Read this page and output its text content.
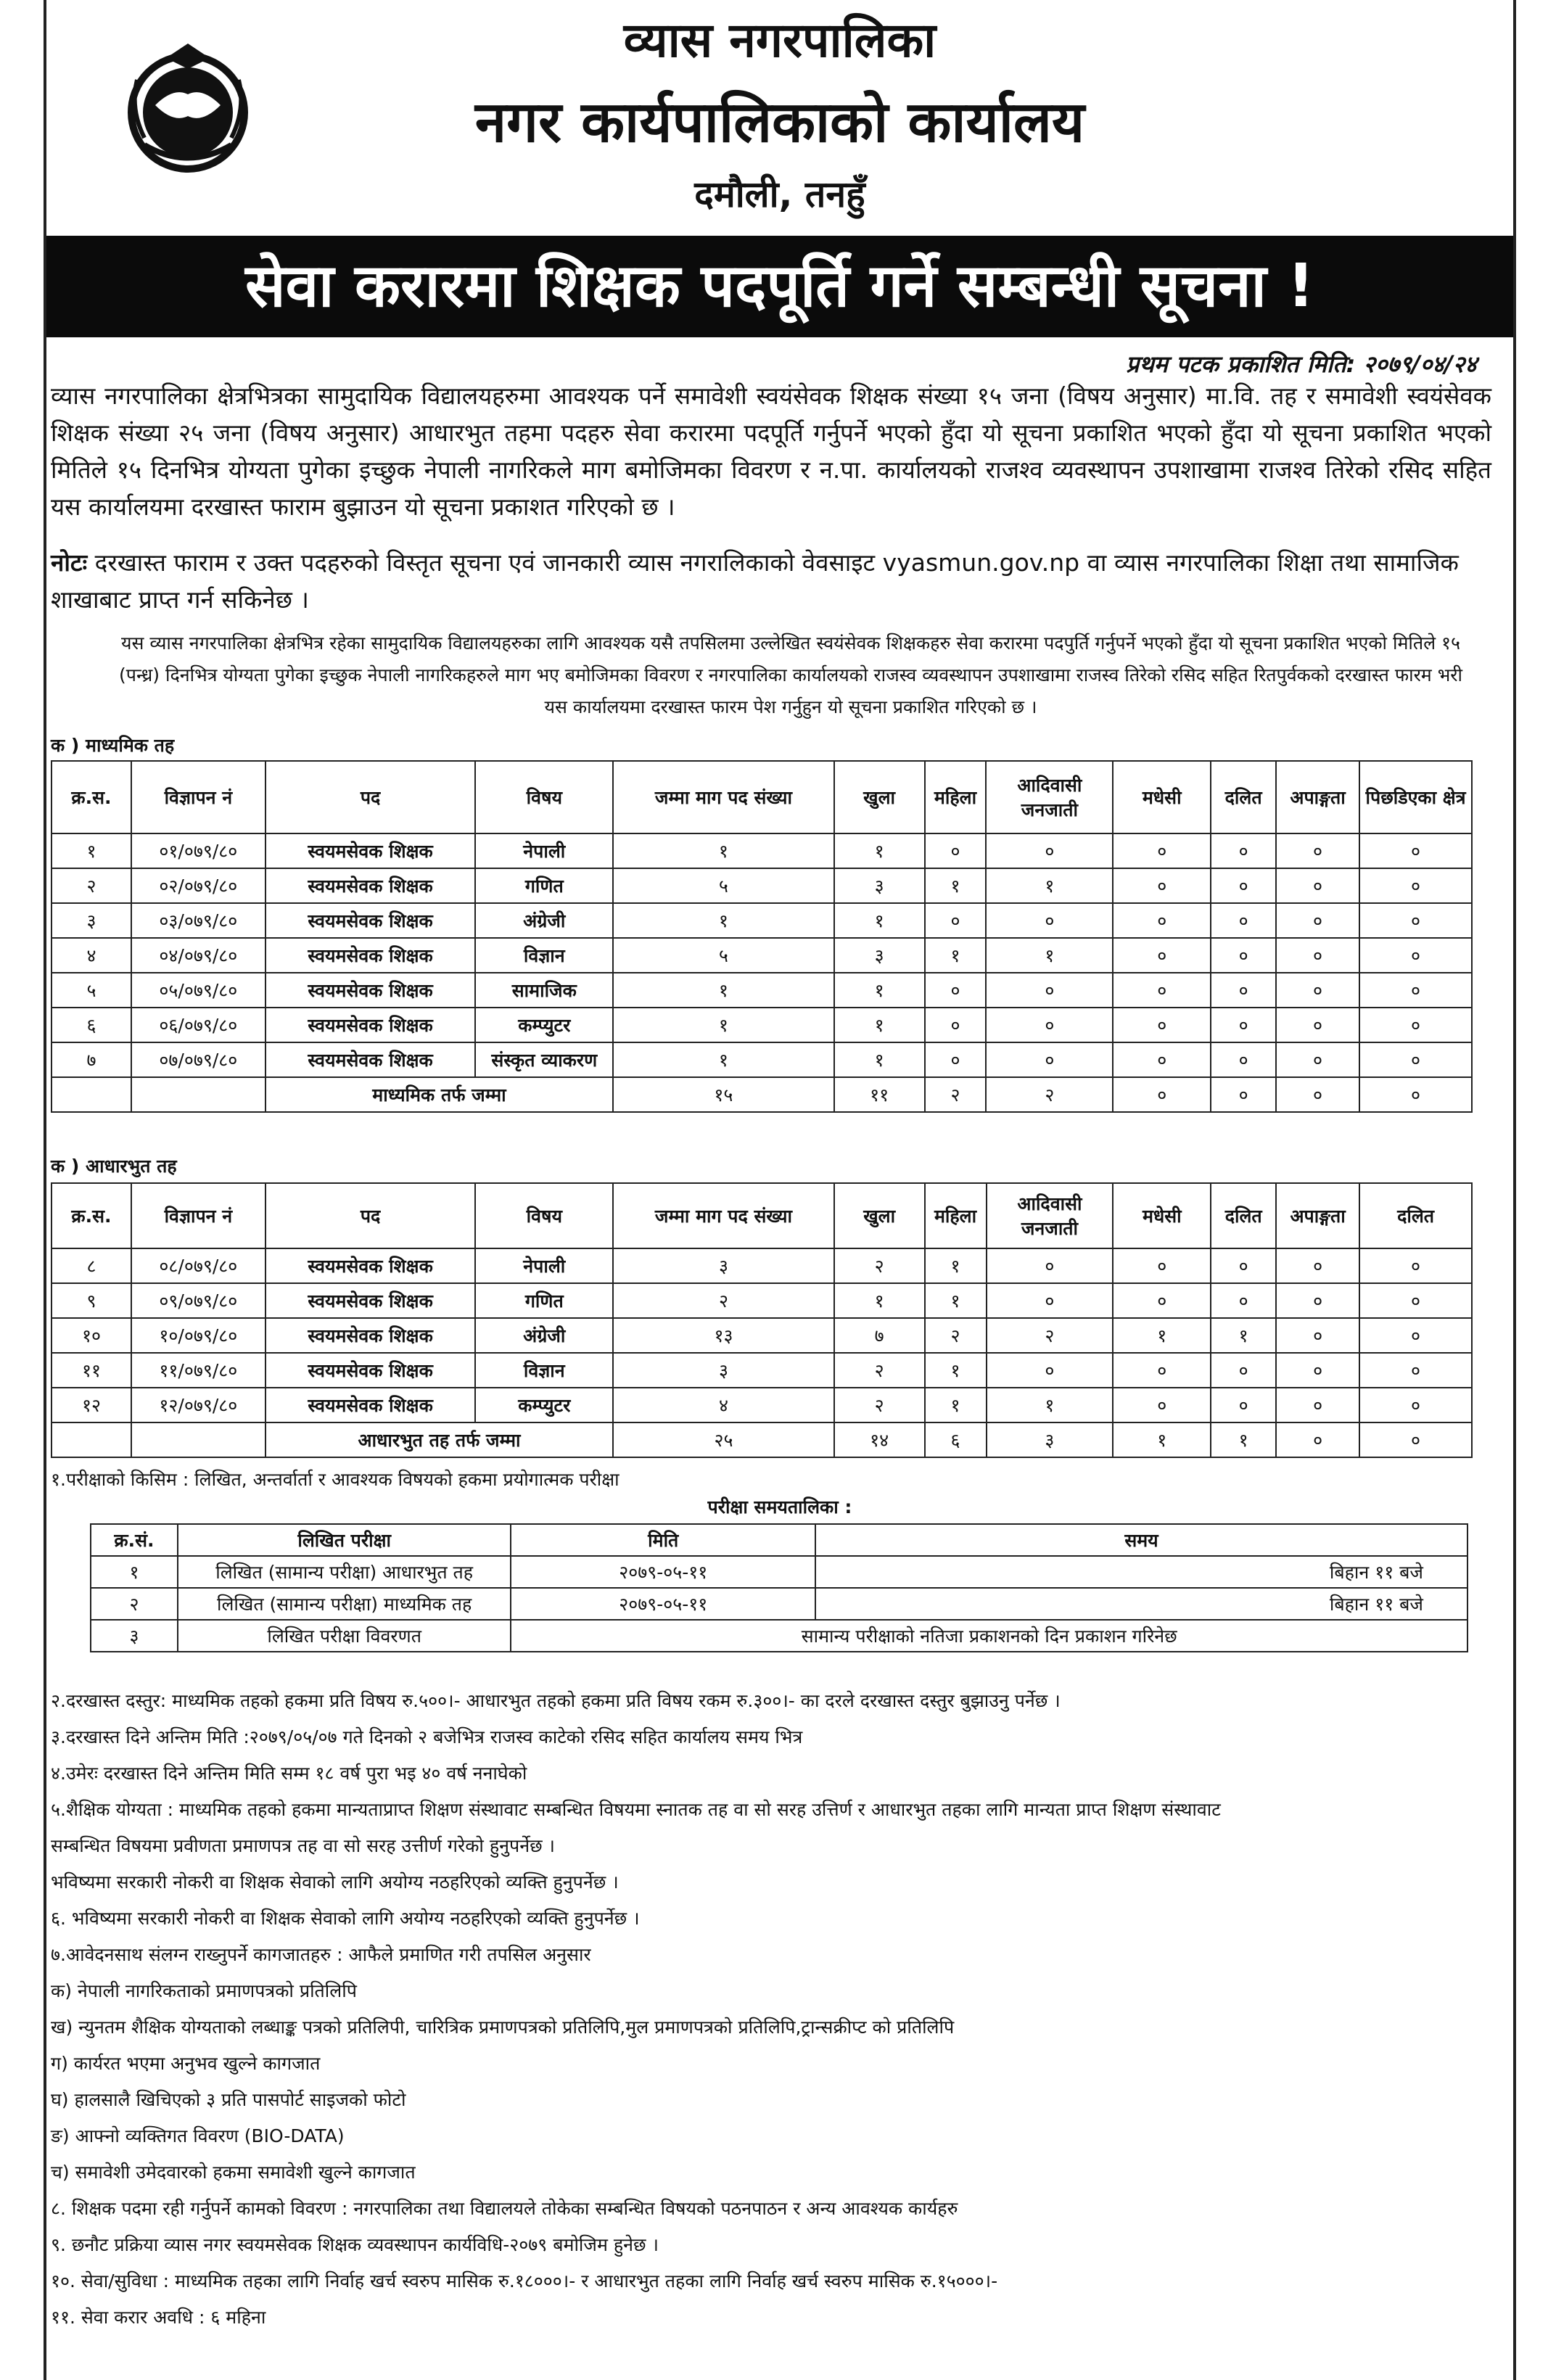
व्यास नगरपालिका
नगर कार्यपालिकाको कार्यालय
दमौली, तनहुँ
सेवा करारमा शिक्षक पदपूर्ति गर्ने सम्बन्धी सूचना !
प्रथम पटक प्रकाशित मिति: २०७९/०४/२४
व्यास नगरपालिका क्षेत्रभित्रका सामुदायिक विद्यालयहरुमा आवश्यक पर्ने समावेशी स्वयंसेवक शिक्षक संख्या १५ जना (विषय अनुसार) मा.वि. तह र समावेशी स्वयंसेवक शिक्षक संख्या २५ जना (विषय अनुसार) आधारभुत तहमा पदहरु सेवा करारमा पदपूर्ति गर्नुपर्ने भएको हुँदा यो सूचना प्रकाशित भएको हुँदा यो सूचना प्रकाशित भएको मितिले १५ दिनभित्र योग्यता पुगेका इच्छुक नेपाली नागरिकले माग बमोजिमका विवरण र न.पा. कार्यालयको राजश्व व्यवस्थापन उपशाखामा राजश्व तिरेको रसिद सहित यस कार्यालयमा दरखास्त फाराम बुझाउन यो सूचना प्रकाशत गरिएको छ ।
नोटः दरखास्त फाराम र उक्त पदहरुको विस्तृत सूचना एवं जानकारी व्यास नगरालिकाको वेवसाइट vyasmun.gov.np वा व्यास नगरपालिका शिक्षा तथा सामाजिक शाखाबाट प्राप्त गर्न सकिनेछ ।
यस व्यास नगरपालिका क्षेत्रभित्र रहेका सामुदायिक विद्यालयहरुका लागि आवश्यक यसै तपसिलमा उल्लेखित स्वयंसेवक शिक्षकहरु सेवा करारमा पदपुर्ति गर्नुपर्ने भएको हुँदा यो सूचना प्रकाशित भएको मितिले १५ (पन्ध्र) दिनभित्र योग्यता पुगेका इच्छुक नेपाली नागरिकहरुले माग भए बमोजिमका विवरण र नगरपालिका कार्यालयको राजस्व व्यवस्थापन उपशाखामा राजस्व तिरेको रसिद सहित रितपुर्वकको दरखास्त फारम भरी यस कार्यालयमा दरखास्त फारम पेश गर्नुहुन यो सूचना प्रकाशित गरिएको छ ।
क ) माध्यमिक तह
क्र.स.	विज्ञापन नं	पद	विषय	जम्मा माग पद संख्या	खुला	महिला	आदिवासी जनजाती	मधेसी	दलित	अपाङ्गता	पिछडिएका क्षेत्र
१	०१/०७९/८०	स्वयमसेवक शिक्षक	नेपाली	१	१	०	०	०	०	०	०
२	०२/०७९/८०	स्वयमसेवक शिक्षक	गणित	५	३	१	१	०	०	०	०
३	०३/०७९/८०	स्वयमसेवक शिक्षक	अंग्रेजी	१	१	०	०	०	०	०	०
४	०४/०७९/८०	स्वयमसेवक शिक्षक	विज्ञान	५	३	१	१	०	०	०	०
५	०५/०७९/८०	स्वयमसेवक शिक्षक	सामाजिक	१	१	०	०	०	०	०	०
६	०६/०७९/८०	स्वयमसेवक शिक्षक	कम्प्युटर	१	१	०	०	०	०	०	०
७	०७/०७९/८०	स्वयमसेवक शिक्षक	संस्कृत व्याकरण	१	१	०	०	०	०	०	०
		माध्यमिक तर्फ जम्मा		१५	११	२	२	०	०	०	०
क ) आधारभुत तह
क्र.स.	विज्ञापन नं	पद	विषय	जम्मा माग पद संख्या	खुला	महिला	आदिवासी जनजाती	मधेसी	दलित	अपाङ्गता	दलित
८	०८/०७९/८०	स्वयमसेवक शिक्षक	नेपाली	३	२	१	०	०	०	०	०
९	०९/०७९/८०	स्वयमसेवक शिक्षक	गणित	२	१	१	०	०	०	०	०
१०	१०/०७९/८०	स्वयमसेवक शिक्षक	अंग्रेजी	१३	७	२	२	१	१	०	०
११	११/०७९/८०	स्वयमसेवक शिक्षक	विज्ञान	३	२	१	०	०	०	०	०
१२	१२/०७९/८०	स्वयमसेवक शिक्षक	कम्प्युटर	४	२	१	१	०	०	०	०
		आधारभुत तह तर्फ जम्मा		२५	१४	६	३	१	१	०	०
१.परीक्षाको किसिम : लिखित, अन्तर्वार्ता र आवश्यक विषयको हकमा प्रयोगात्मक परीक्षा
परीक्षा समयतालिका :
क्र.सं.	लिखित परीक्षा	मिति	समय
१	लिखित (सामान्य परीक्षा) आधारभुत तह	२०७९-०५-११	बिहान ११ बजे
२	लिखित (सामान्य परीक्षा) माध्यमिक तह	२०७९-०५-११	बिहान ११ बजे
३	लिखित परीक्षा विवरणत	सामान्य परीक्षाको नतिजा प्रकाशनको दिन प्रकाशन गरिनेछ	
२.दरखास्त दस्तुर: माध्यमिक तहको हकमा प्रति विषय रु.५००।- आधारभुत तहको हकमा प्रति विषय रकम रु.३००।- का दरले दरखास्त दस्तुर बुझाउनु पर्नेछ ।
३.दरखास्त दिने अन्तिम मिति :२०७९/०५/०७ गते दिनको २ बजेभित्र राजस्व काटेको रसिद सहित कार्यालय समय भित्र
४.उमेरः दरखास्त दिने अन्तिम मिति सम्म १८ वर्ष पुरा भइ ४० वर्ष ननाघेको
५.शैक्षिक योग्यता : माध्यमिक तहको हकमा मान्यताप्राप्त शिक्षण संस्थावाट सम्बन्धित विषयमा स्नातक तह वा सो सरह उत्तिर्ण र आधारभुत तहका लागि मान्यता प्राप्त शिक्षण संस्थावाट
सम्बन्धित विषयमा प्रवीणता प्रमाणपत्र तह वा सो सरह उत्तीर्ण गरेको हुनुपर्नेछ ।
भविष्यमा सरकारी नोकरी वा शिक्षक सेवाको लागि अयोग्य नठहरिएको व्यक्ति हुनुपर्नेछ ।
६. भविष्यमा सरकारी नोकरी वा शिक्षक सेवाको लागि अयोग्य नठहरिएको व्यक्ति हुनुपर्नेछ ।
७.आवेदनसाथ संलग्न राख्नुपर्ने कागजातहरु : आफैले प्रमाणित गरी तपसिल अनुसार
क) नेपाली नागरिकताको प्रमाणपत्रको प्रतिलिपि
ख) न्युनतम शैक्षिक योग्यताको लब्धाङ्क पत्रको प्रतिलिपी, चारित्रिक प्रमाणपत्रको प्रतिलिपि,मुल प्रमाणपत्रको प्रतिलिपि,ट्रान्सक्रीप्ट को प्रतिलिपि
ग) कार्यरत भएमा अनुभव खुल्ने कागजात
घ) हालसालै खिचिएको ३ प्रति पासपोर्ट साइजको फोटो
ङ) आफ्नो व्यक्तिगत विवरण (BIO-DATA)
च) समावेशी उमेदवारको हकमा समावेशी खुल्ने कागजात
८. शिक्षक पदमा रही गर्नुपर्ने कामको विवरण : नगरपालिका तथा विद्यालयले तोकेका सम्बन्धित विषयको पठनपाठन र अन्य आवश्यक कार्यहरु
९. छनौट प्रक्रिया व्यास नगर स्वयमसेवक शिक्षक व्यवस्थापन कार्यविधि-२०७९ बमोजिम हुनेछ ।
१०. सेवा/सुविधा : माध्यमिक तहका लागि निर्वाह खर्च स्वरुप मासिक रु.१८०००।- र आधारभुत तहका लागि निर्वाह खर्च स्वरुप मासिक रु.१५०००।-
११. सेवा करार अवधि : ६ महिना
